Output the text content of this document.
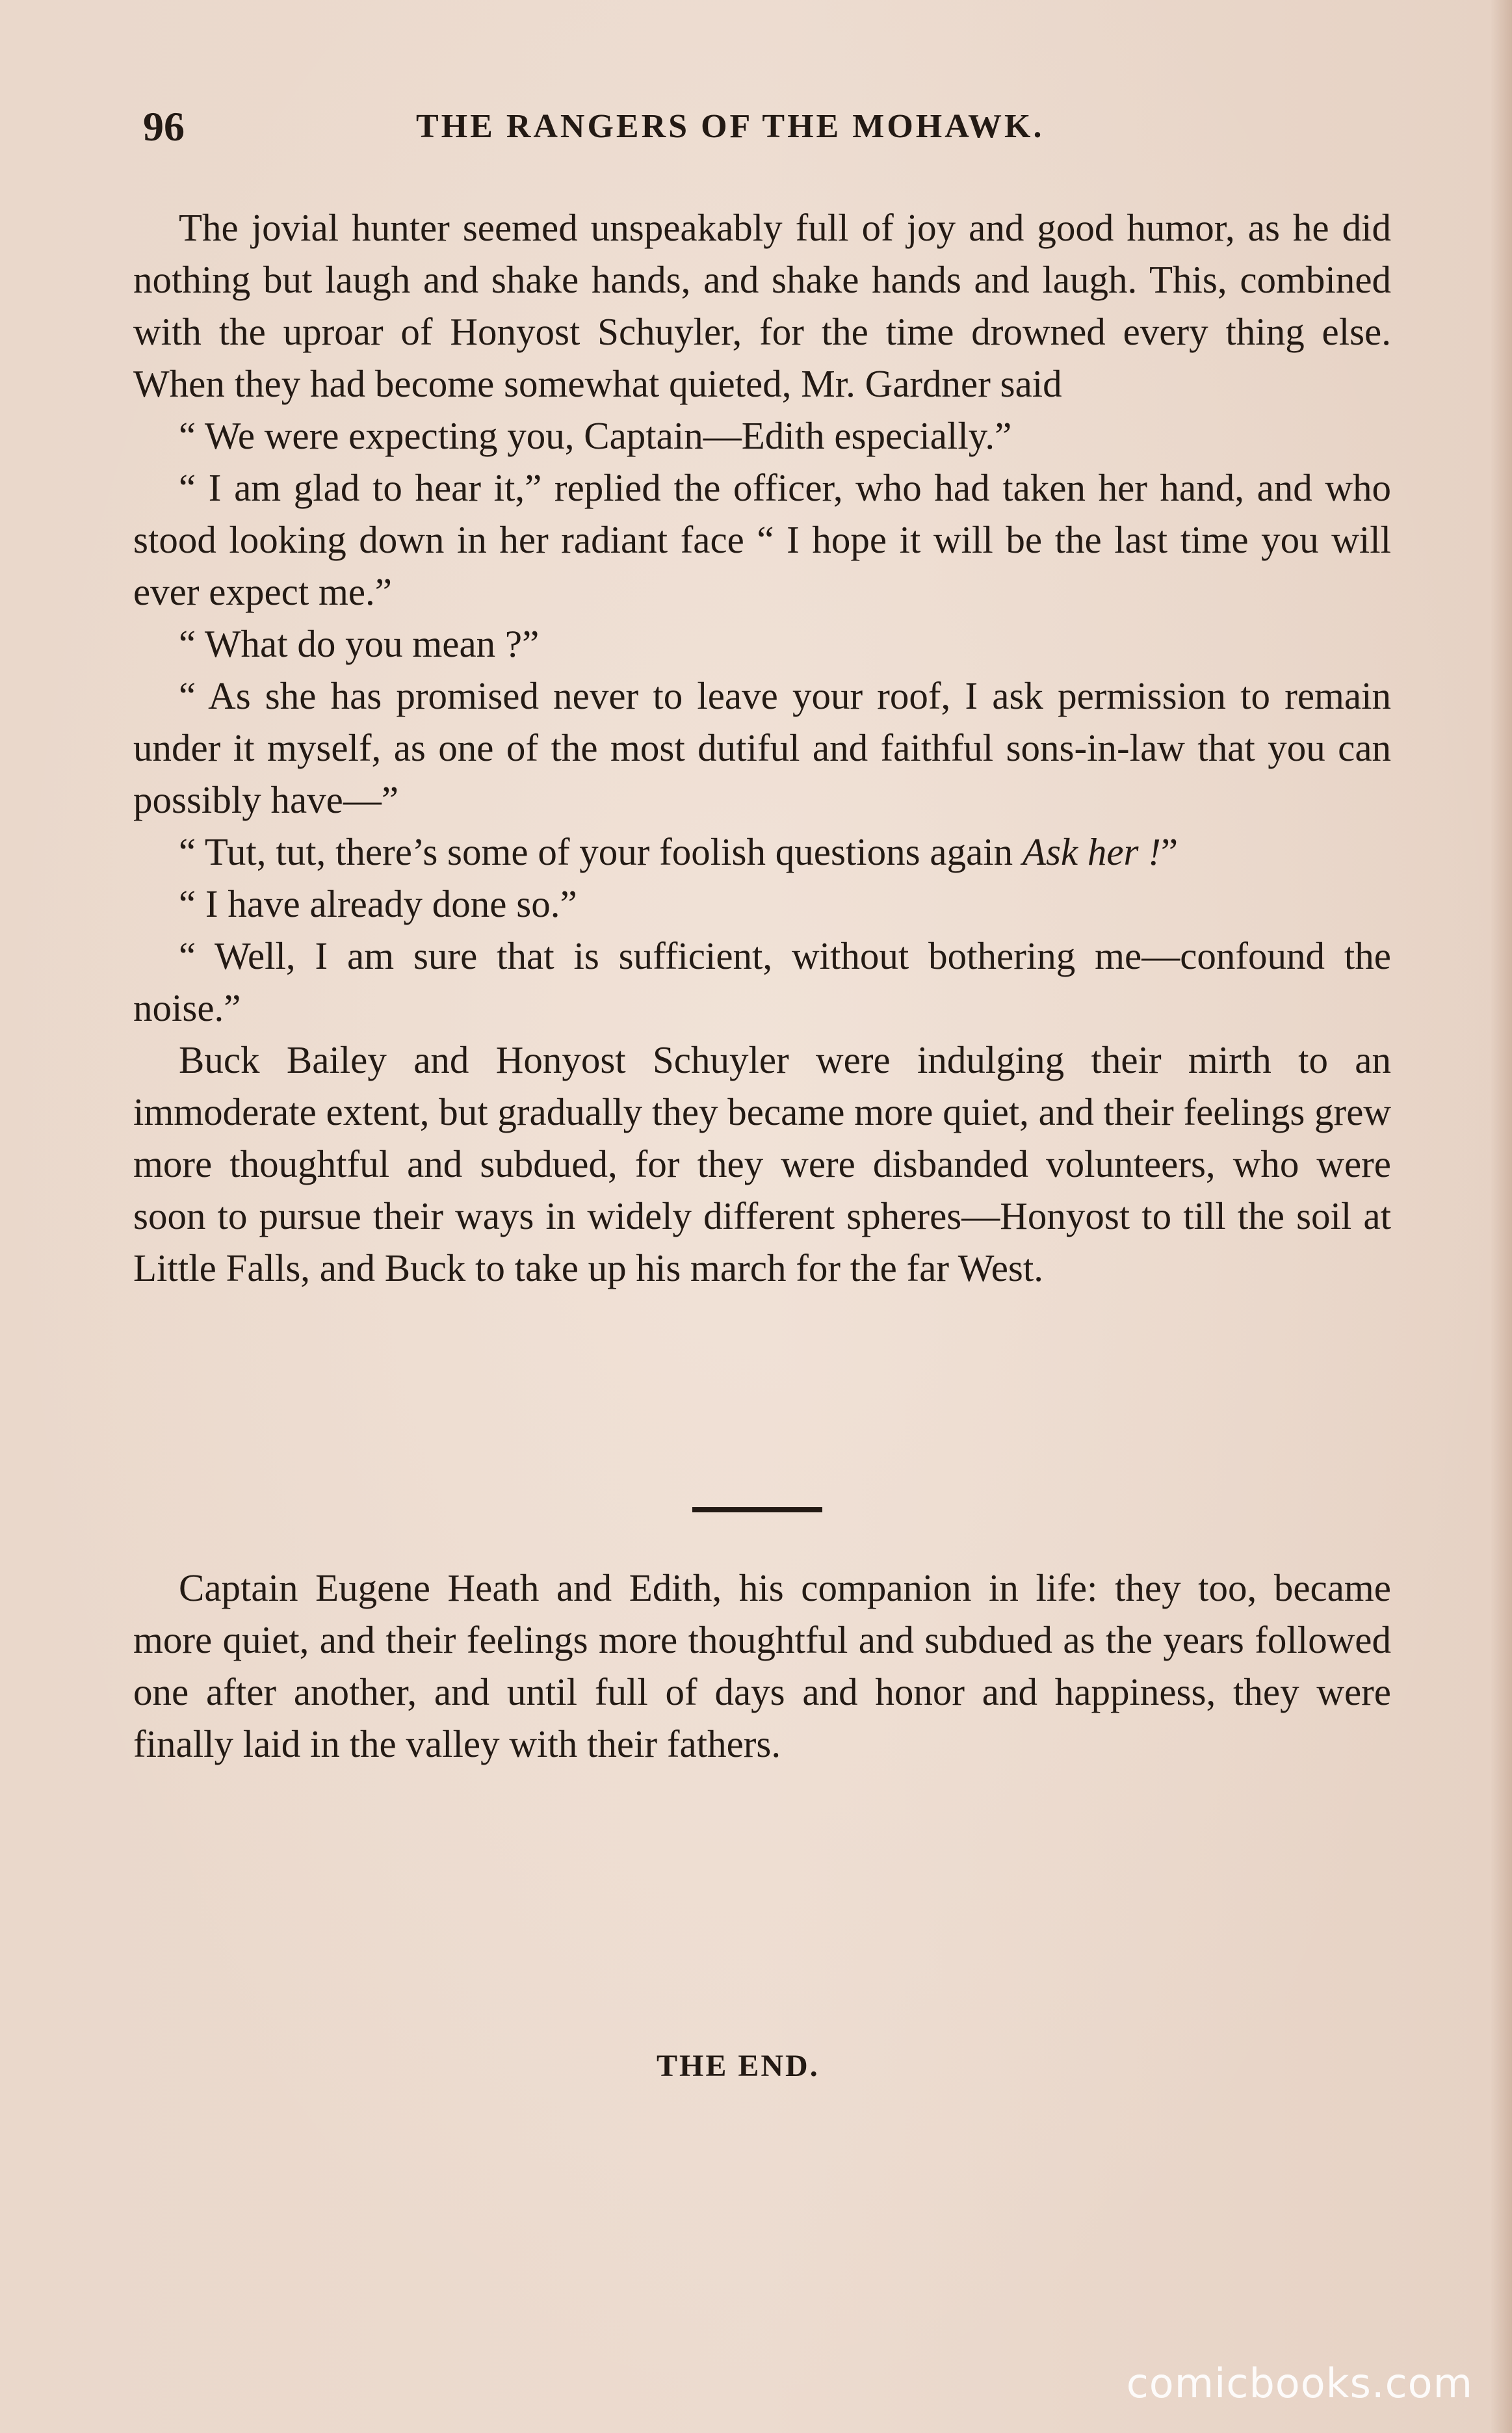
96	THE RANGERS OF THE MOHAWK.

The jovial hunter seemed unspeakably full of joy and good humor, as he did nothing but laugh and shake hands, and shake hands and laugh. This, combined with the uproar of Honyost Schuyler, for the time drowned every thing else. When they had become somewhat quieted, Mr. Gardner said

“ We were expecting you, Captain—Edith especially.”

“ I am glad to hear it,” replied the officer, who had taken her hand, and who stood looking down in her radiant face “ I hope it will be the last time you will ever expect me.”

“ What do you mean ?”

“ As she has promised never to leave your roof, I ask permission to remain under it myself, as one of the most dutiful and faithful sons-in-law that you can possibly have—”

“ Tut, tut, there’s some of your foolish questions again Ask her !”

“ I have already done so.”

“ Well, I am sure that is sufficient, without bothering me—confound the noise.”

Buck Bailey and Honyost Schuyler were indulging their mirth to an immoderate extent, but gradually they became more quiet, and their feelings grew more thoughtful and subdued, for they were disbanded volunteers, who were soon to pursue their ways in widely different spheres—Honyost to till the soil at Little Falls, and Buck to take up his march for the far West.

Captain Eugene Heath and Edith, his companion in life: they too, became more quiet, and their feelings more thoughtful and subdued as the years followed one after another, and until full of days and honor and happiness, they were finally laid in the valley with their fathers.

THE END.
comicbooks.com
